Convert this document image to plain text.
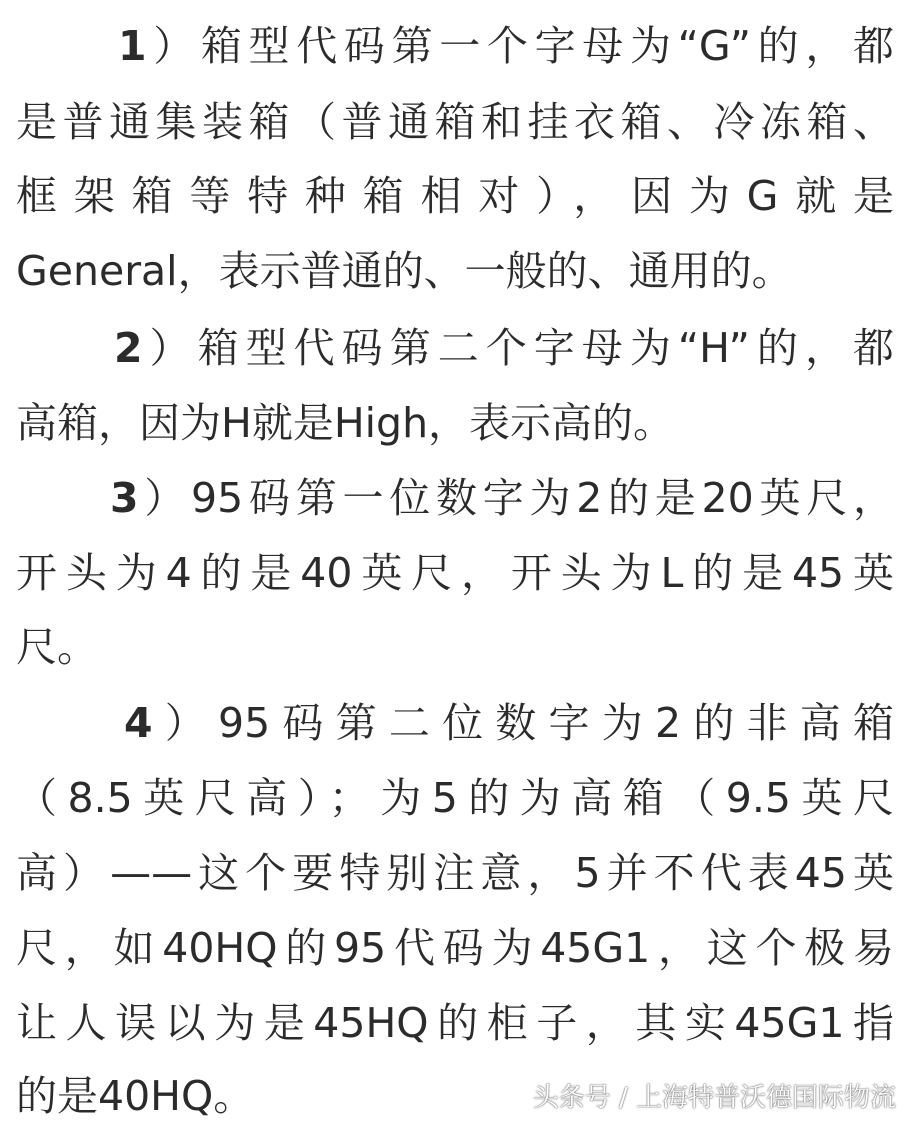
1）箱型代码第一个字母为“G”的，都
是普通集装箱（普通箱和挂衣箱、冷冻箱、
框架箱等特种箱相对），因为G就是
General，表示普通的、一般的、通用的。
2）箱型代码第二个字母为“H”的，都
高箱，因为H就是High，表示高的。
3）95码第一位数字为2的是20英尺，
开头为4的是40英尺，开头为L的是45英
尺。
4）95码第二位数字为2的非高箱
（8.5英尺高）；为5的为高箱（9.5英尺
高）——这个要特别注意，5并不代表45英
尺，如40HQ的95代码为45G1，这个极易
让人误以为是45HQ的柜子，其实45G1指
的是40HQ。	头条号 / 上海特普沃德国际物流
